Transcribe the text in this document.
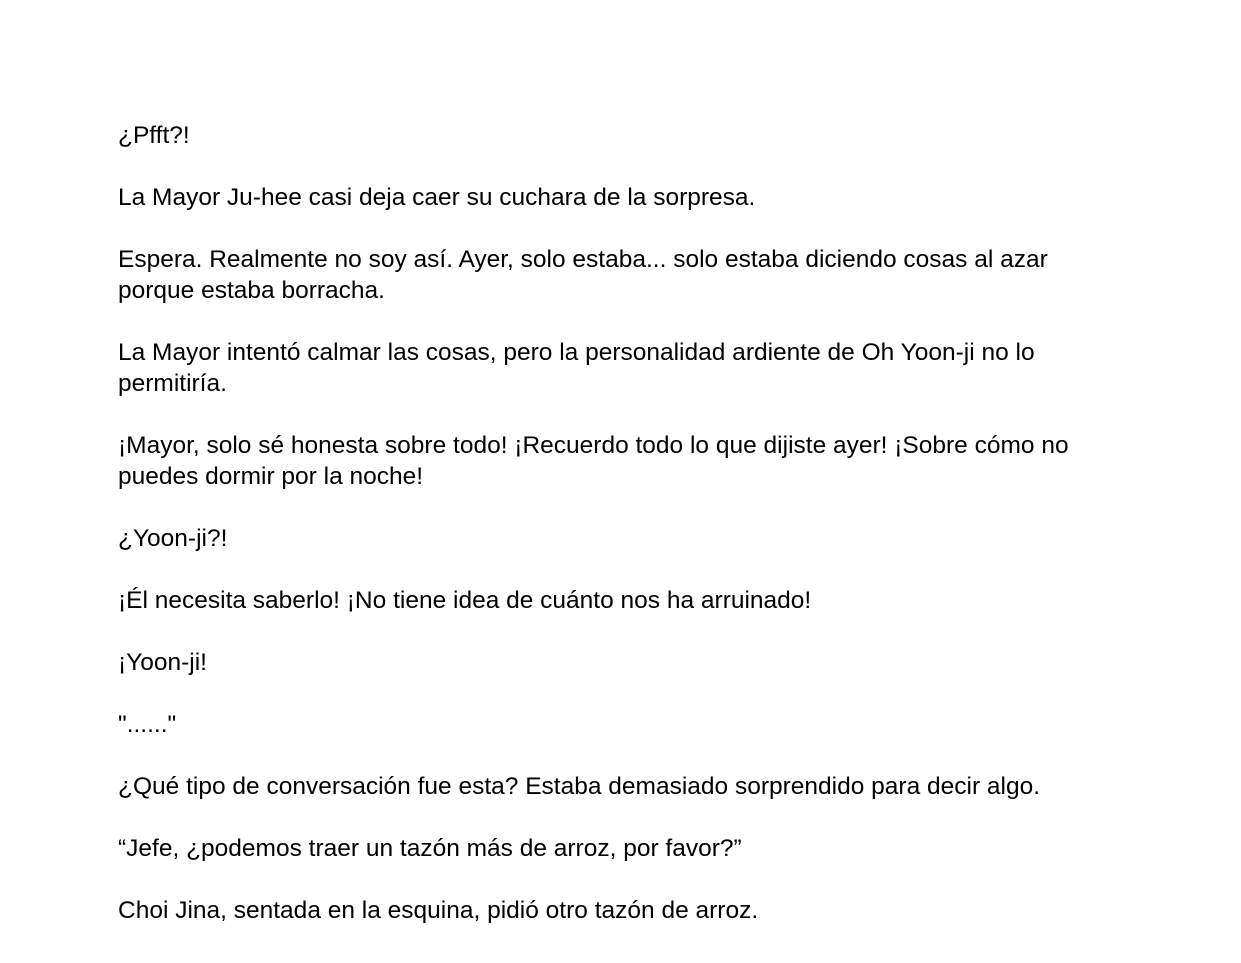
¿Pfft?!

La Mayor Ju-hee casi deja caer su cuchara de la sorpresa.

Espera. Realmente no soy así. Ayer, solo estaba... solo estaba diciendo cosas al azar porque estaba borracha.

La Mayor intentó calmar las cosas, pero la personalidad ardiente de Oh Yoon-ji no lo permitiría.

¡Mayor, solo sé honesta sobre todo! ¡Recuerdo todo lo que dijiste ayer! ¡Sobre cómo no puedes dormir por la noche!

¿Yoon-ji?!

¡Él necesita saberlo! ¡No tiene idea de cuánto nos ha arruinado!

¡Yoon-ji!

"......"

¿Qué tipo de conversación fue esta? Estaba demasiado sorprendido para decir algo.

“Jefe, ¿podemos traer un tazón más de arroz, por favor?”

Choi Jina, sentada en la esquina, pidió otro tazón de arroz.
